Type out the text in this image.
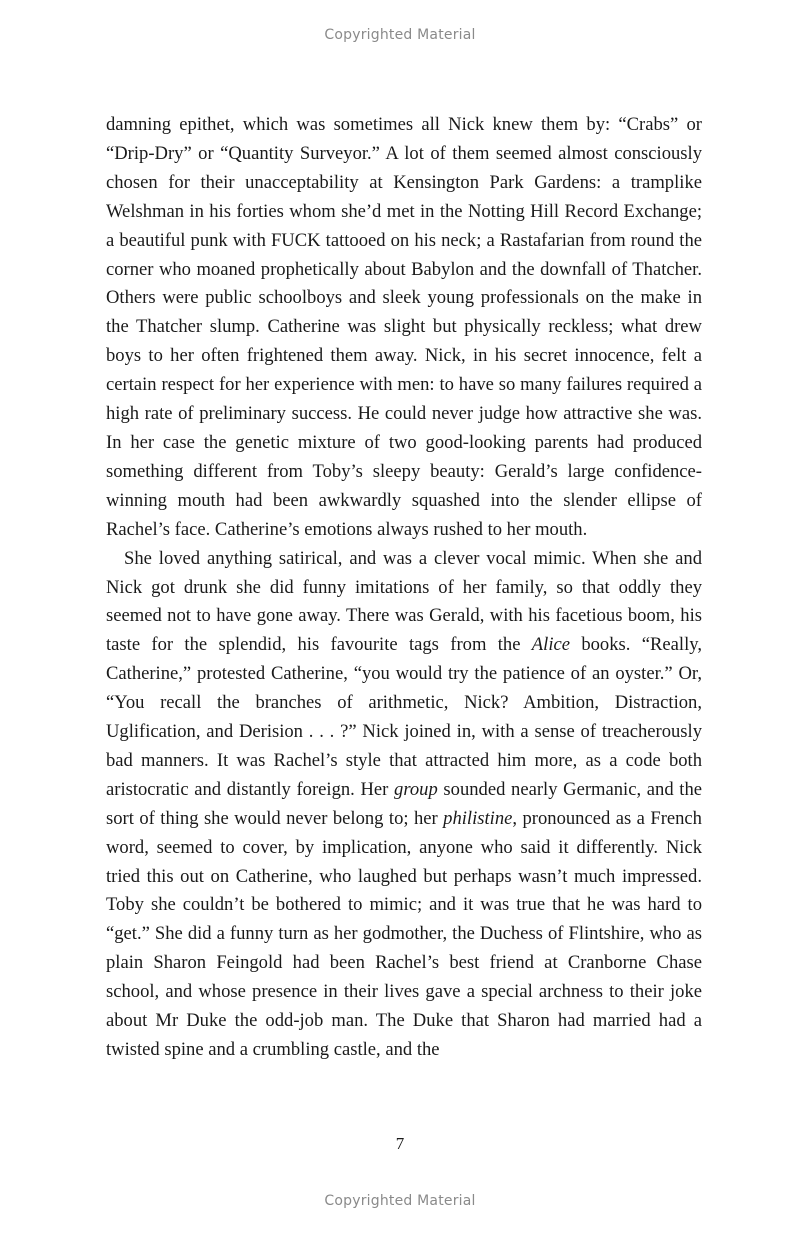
Copyrighted Material

damning epithet, which was sometimes all Nick knew them by: “Crabs” or “Drip-Dry” or “Quantity Surveyor.” A lot of them seemed almost consciously chosen for their unacceptability at Kensington Park Gardens: a tramplike Welshman in his forties whom she’d met in the Notting Hill Record Exchange; a beautiful punk with FUCK tattooed on his neck; a Rastafarian from round the corner who moaned prophetically about Babylon and the downfall of Thatcher. Others were public schoolboys and sleek young professionals on the make in the Thatcher slump. Catherine was slight but physically reckless; what drew boys to her often frightened them away. Nick, in his secret innocence, felt a certain respect for her experience with men: to have so many failures required a high rate of preliminary success. He could never judge how attractive she was. In her case the genetic mixture of two good-looking parents had produced something different from Toby’s sleepy beauty: Gerald’s large confidence-winning mouth had been awkwardly squashed into the slender ellipse of Rachel’s face. Catherine’s emotions always rushed to her mouth.

She loved anything satirical, and was a clever vocal mimic. When she and Nick got drunk she did funny imitations of her family, so that oddly they seemed not to have gone away. There was Gerald, with his facetious boom, his taste for the splendid, his favourite tags from the Alice books. “Really, Catherine,” protested Catherine, “you would try the patience of an oyster.” Or, “You recall the branches of arithmetic, Nick? Ambition, Distraction, Uglification, and Derision . . . ?” Nick joined in, with a sense of treacherously bad manners. It was Rachel’s style that attracted him more, as a code both aristocratic and distantly foreign. Her group sounded nearly Germanic, and the sort of thing she would never belong to; her philistine, pronounced as a French word, seemed to cover, by implication, anyone who said it differently. Nick tried this out on Catherine, who laughed but perhaps wasn’t much impressed. Toby she couldn’t be bothered to mimic; and it was true that he was hard to “get.” She did a funny turn as her godmother, the Duchess of Flintshire, who as plain Sharon Feingold had been Rachel’s best friend at Cranborne Chase school, and whose presence in their lives gave a special archness to their joke about Mr Duke the odd-job man. The Duke that Sharon had married had a twisted spine and a crumbling castle, and the

7
Copyrighted Material
